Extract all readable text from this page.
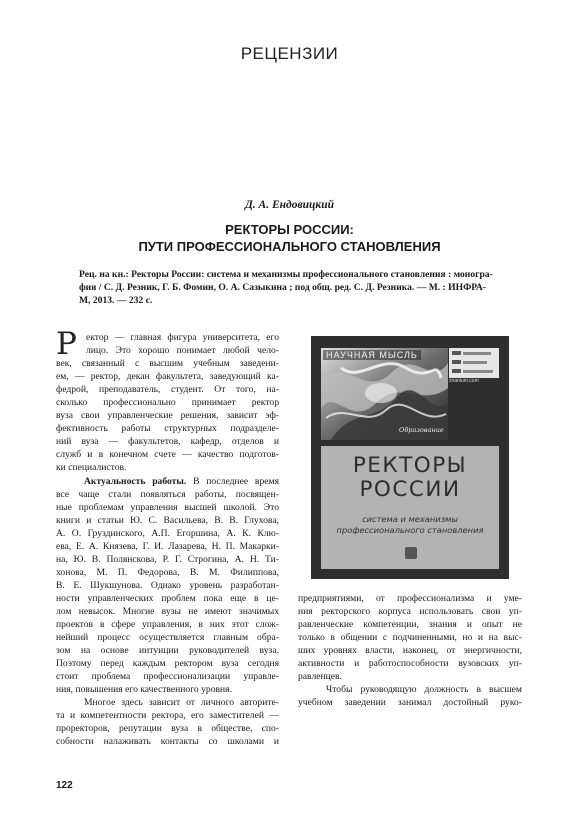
РЕЦЕНЗИИ
Д. А. Ендовицкий
РЕКТОРЫ РОССИИ:
ПУТИ ПРОФЕССИОНАЛЬНОГО СТАНОВЛЕНИЯ
Рец. на кн.: Ректоры России: система и механизмы профессионального становления : моногра-
фия / С. Д. Резник, Г. Б. Фомин, О. А. Сазыкина ; под общ. ред. С. Д. Резника. — М. : ИНФРА-
М, 2013. — 232 с.
Образование
НАУЧНАЯ МЫСЛЬ
znanium.com
РЕКТОРЫ
РОССИИ
система и механизмы
профессионального становления
Р ектор — главная фигура университета, его
лицо. Это хорошо понимает любой чело-
век, связанный с высшим учебным заведени-
ем, — ректор, декан факультета, заведующий ка-
федрой, преподаватель, студент. От того, на-
сколько профессионально принимает ректор
вуза свои управленческие решения, зависит эф-
фективность работы структурных подразделе-
ний вуза — факультетов, кафедр, отделов и
служб и в конечном счете — качество подготов-
ки специалистов.
Актуальность работы. В последнее время
все чаще стали появляться работы, посвящен-
ные проблемам управления высшей школой. Это
книги и статьи Ю. С. Васильева, В. В. Глухова,
А. О. Груздинского, А.П. Егоршина, А. К. Клю-
ева, Е. А. Князева, Г. И. Лазарева, Н. П. Макарки-
на, Ю. В. Полянскова, Р. Г. Строгина, А. Н. Ти-
хонова, М. П. Федорова, В. М. Филиппова,
В. Е. Шукшунова. Однако уровень разработан-
ности управленческих проблем пока еще в це-
лом невысок. Многие вузы не имеют значимых
проектов в сфере управления, в них этот слож-
нейший процесс осуществляется главным обра-
зом на основе интуиции руководителей вуза.
Поэтому перед каждым ректором вуза сегодня
стоит проблема профессионализации управле-
ния, повышения его качественного уровня.
Многое здесь зависит от личного авторите-
та и компетентности ректора, его заместителей —
проректоров, репутации вуза в обществе, спо-
собности налаживать контакты со школами и
предприятиями, от профессионализма и уме-
ния ректорского корпуса использовать свои уп-
равленческие компетенции, знания и опыт не
только в общении с подчиненными, но и на выс-
ших уровнях власти, наконец, от энергичности,
активности и работоспособности вузовских уп-
равленцев.
Чтобы руководящую должность в высшем
учебном заведении занимал достойный руко-
122
